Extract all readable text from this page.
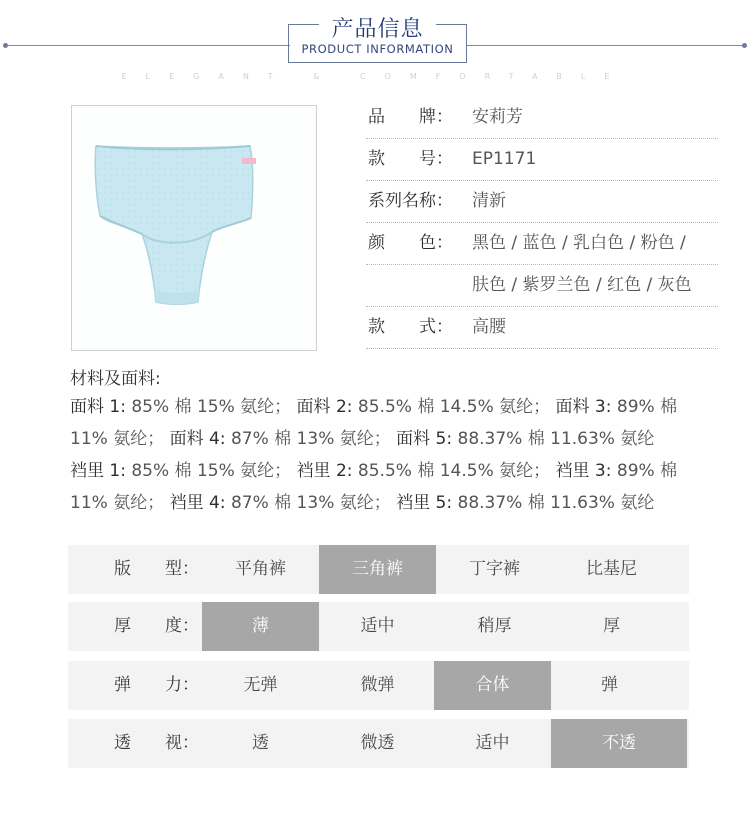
产品信息
PRODUCT INFORMATION
ELEGANT & COMFORTABLE
品　　牌：	安莉芳
款　　号：	EP1171
系列名称：	清新
颜　　色：	黑色 / 蓝色 / 乳白色 / 粉色 /
肤色 / 紫罗兰色 / 红色 / 灰色
款　　式：	高腰
材料及面料:
面料 1: 85% 棉 15% 氨纶； 面料 2: 85.5% 棉 14.5% 氨纶； 面料 3: 89% 棉
11% 氨纶； 面料 4: 87% 棉 13% 氨纶； 面料 5: 88.37% 棉 11.63% 氨纶
裆里 1: 85% 棉 15% 氨纶； 裆里 2: 85.5% 棉 14.5% 氨纶； 裆里 3: 89% 棉
11% 氨纶； 裆里 4: 87% 棉 13% 氨纶； 裆里 5: 88.37% 棉 11.63% 氨纶
版　　型：	平角裤	三角裤	丁字裤	比基尼
厚　　度：	薄	适中	稍厚	厚
弹　　力：	无弹	微弹	合体	弹
透　　视：	透	微透	适中	不透
